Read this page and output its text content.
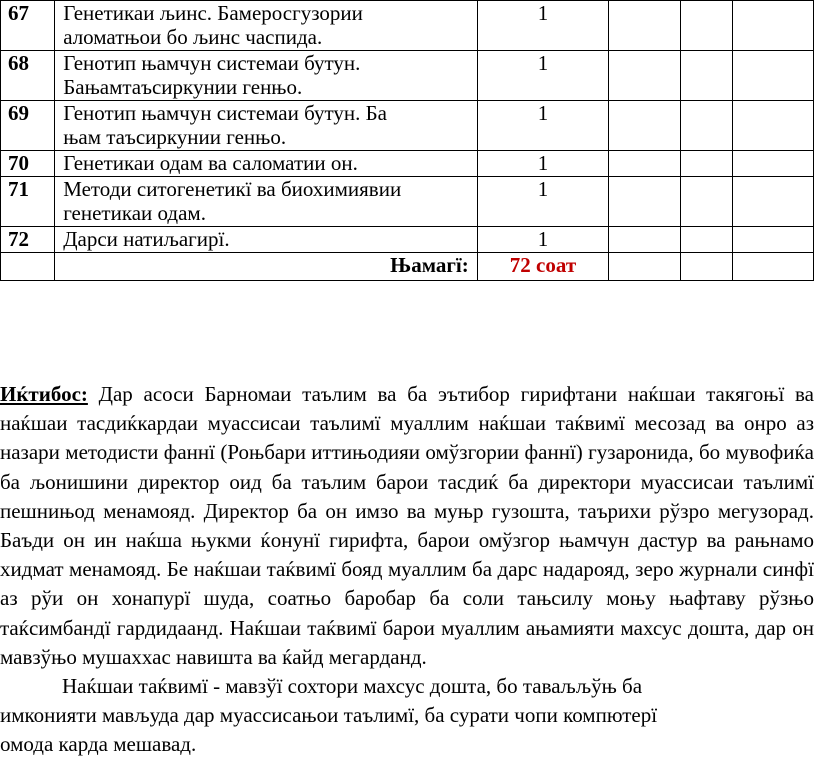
67	Генетикаи љинс. Бамеросгузории
аломатњои бо љинс часпида.	1			
68	Генотип њамчун системаи бутун.
Бањамтаъсиркунии генњо.	1			
69	Генотип њамчун системаи бутун. Ба
њам таъсиркунии генњо.	1			
70	Генетикаи одам ва саломатии он.	1			
71	Методи ситогенетикї ва биохимиявии
генетикаи одам.	1			
72	Дарси натиљагирї.	1			
	Њамагї:	72 соат			

Иќтибос: Дар асоси Барномаи таълим ва ба эътибор гирифтани наќшаи такягоњї ва наќшаи тасдиќкардаи муассисаи таълимї муаллим наќшаи таќвимї месозад ва онро аз назари методисти фаннї (Роњбари иттињодияи омўзгории фаннї) гузаронида, бо мувофиќа ба љонишини директор оид ба таълим барои тасдиќ ба директори муассисаи таълимї пешнињод менамояд. Директор ба он имзо ва муњр гузошта, таърихи рўзро мегузорад. Баъди он ин наќша њукми ќонунї гирифта, барои омўзгор њамчун дастур ва рањнамо хидмат менамояд. Бе наќшаи таќвимї бояд муаллим ба дарс надарояд, зеро журнали синфї аз рўи он хонапурї шуда, соатњо баробар ба соли тањсилу моњу њафтаву рўзњо таќсимбандї гардидаанд. Наќшаи таќвимї барои муаллим ањамияти махсус дошта, дар он мавзўњо мушаххас навишта ва ќайд мегарданд.

Наќшаи таќвимї - мавзўї сохтори махсус дошта, бо таваљљўњ ба
имконияти мављуда дар муассисањои таълимї, ба сурати чопи компютерї
омода карда мешавад.
